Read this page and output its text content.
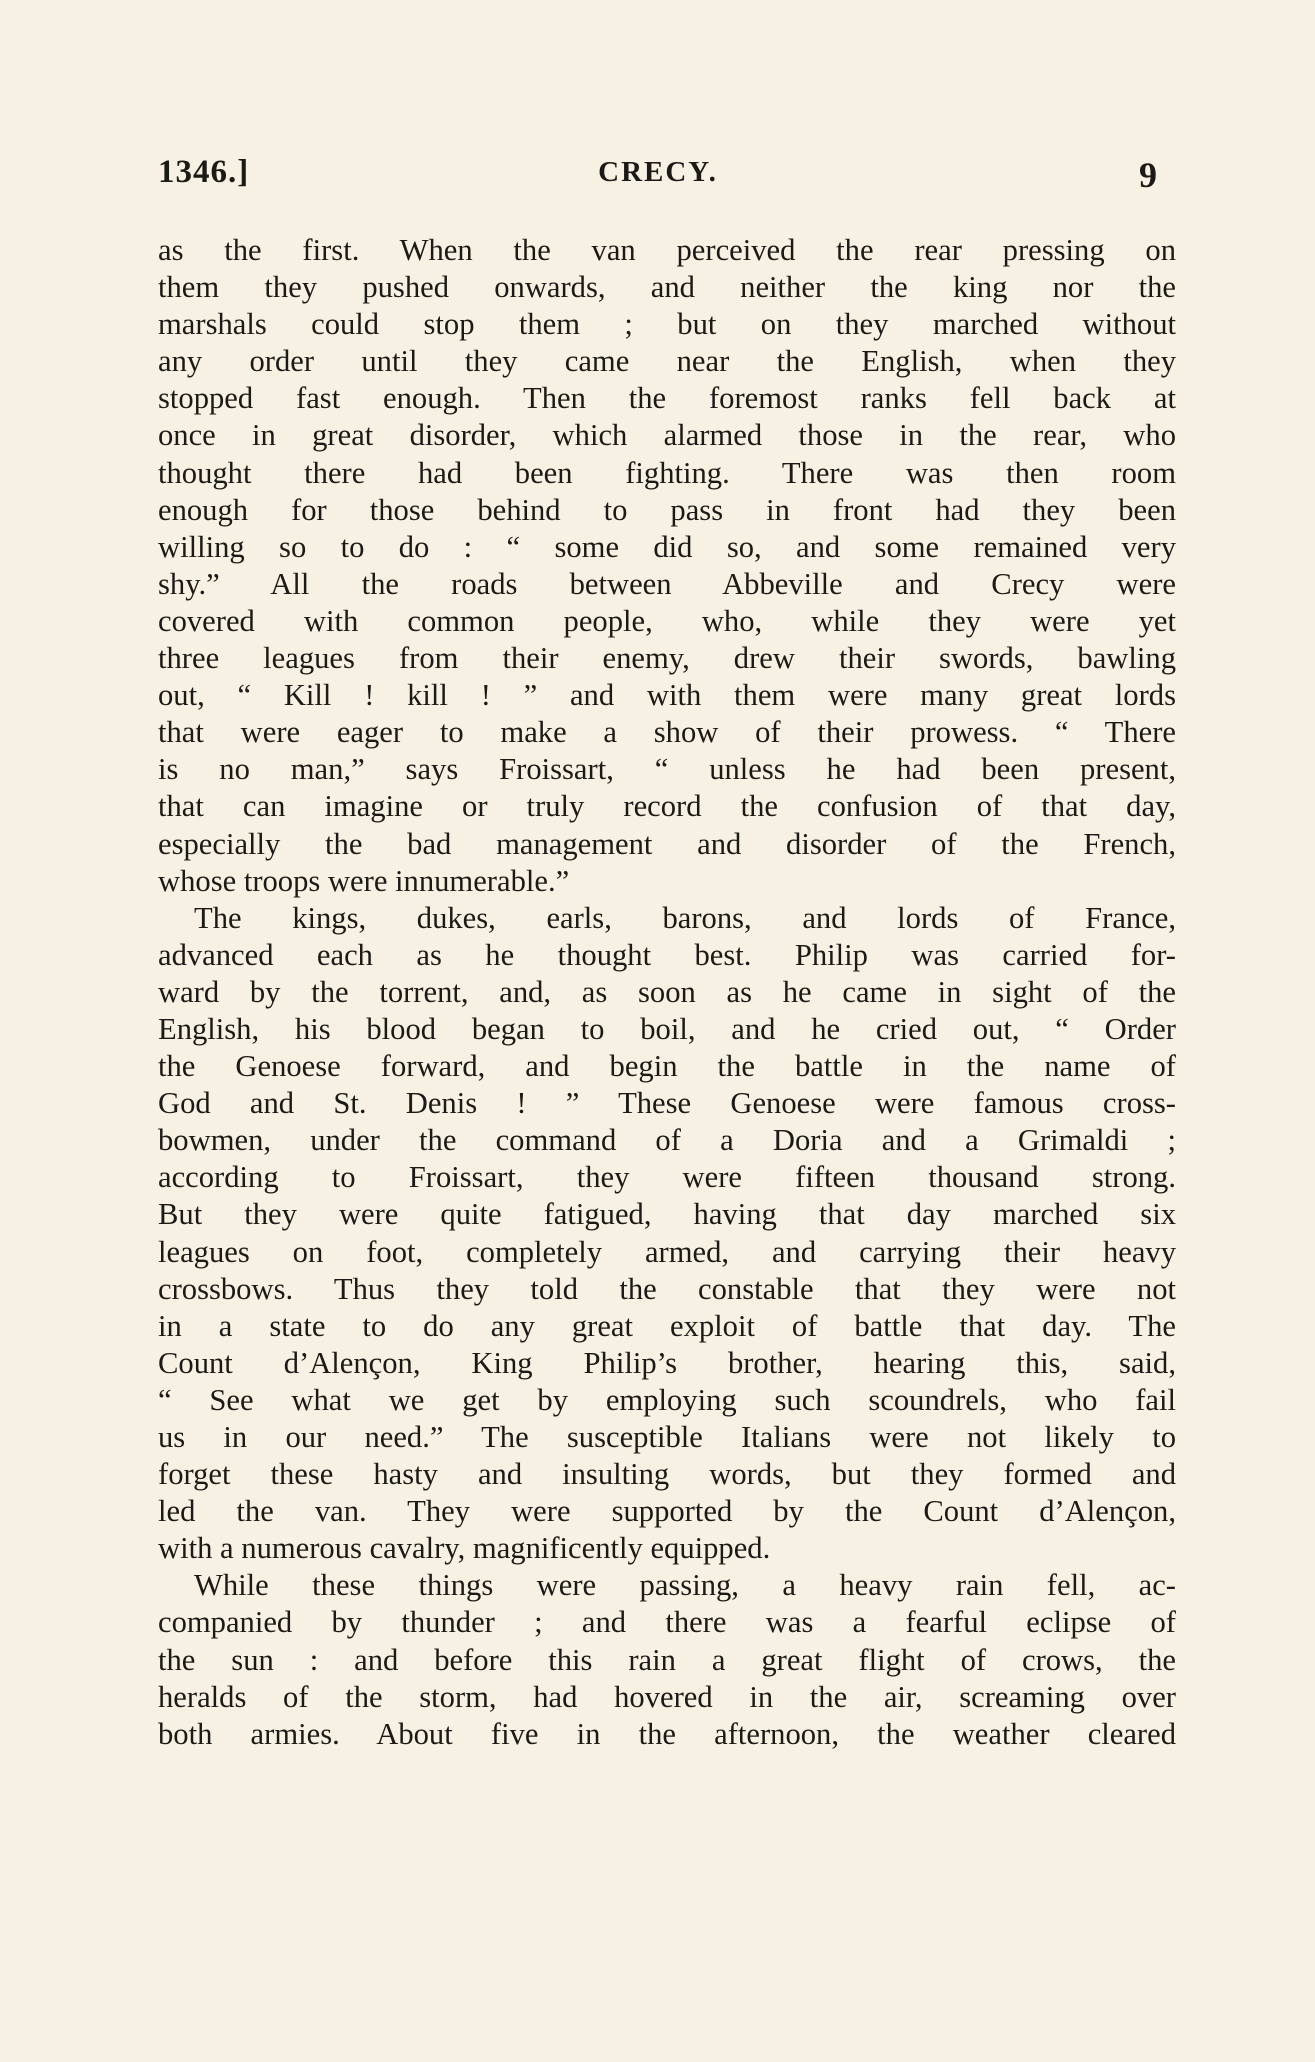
1346.]	CRECY.	9
as the first. When the van perceived the rear pressing on
them they pushed onwards, and neither the king nor the
marshals could stop them ; but on they marched without
any order until they came near the English, when they
stopped fast enough. Then the foremost ranks fell back at
once in great disorder, which alarmed those in the rear, who
thought there had been fighting. There was then room
enough for those behind to pass in front had they been
willing so to do : “ some did so, and some remained very
shy.” All the roads between Abbeville and Crecy were
covered with common people, who, while they were yet
three leagues from their enemy, drew their swords, bawling
out, “ Kill ! kill ! ” and with them were many great lords
that were eager to make a show of their prowess. “ There
is no man,” says Froissart, “ unless he had been present,
that can imagine or truly record the confusion of that day,
especially the bad management and disorder of the French,
whose troops were innumerable.”
The kings, dukes, earls, barons, and lords of France,
advanced each as he thought best. Philip was carried for-
ward by the torrent, and, as soon as he came in sight of the
English, his blood began to boil, and he cried out, “ Order
the Genoese forward, and begin the battle in the name of
God and St. Denis ! ” These Genoese were famous cross-
bowmen, under the command of a Doria and a Grimaldi ;
according to Froissart, they were fifteen thousand strong.
But they were quite fatigued, having that day marched six
leagues on foot, completely armed, and carrying their heavy
crossbows. Thus they told the constable that they were not
in a state to do any great exploit of battle that day. The
Count d’Alençon, King Philip’s brother, hearing this, said,
“ See what we get by employing such scoundrels, who fail
us in our need.” The susceptible Italians were not likely to
forget these hasty and insulting words, but they formed and
led the van. They were supported by the Count d’Alençon,
with a numerous cavalry, magnificently equipped.
While these things were passing, a heavy rain fell, ac-
companied by thunder ; and there was a fearful eclipse of
the sun : and before this rain a great flight of crows, the
heralds of the storm, had hovered in the air, screaming over
both armies. About five in the afternoon, the weather cleared
